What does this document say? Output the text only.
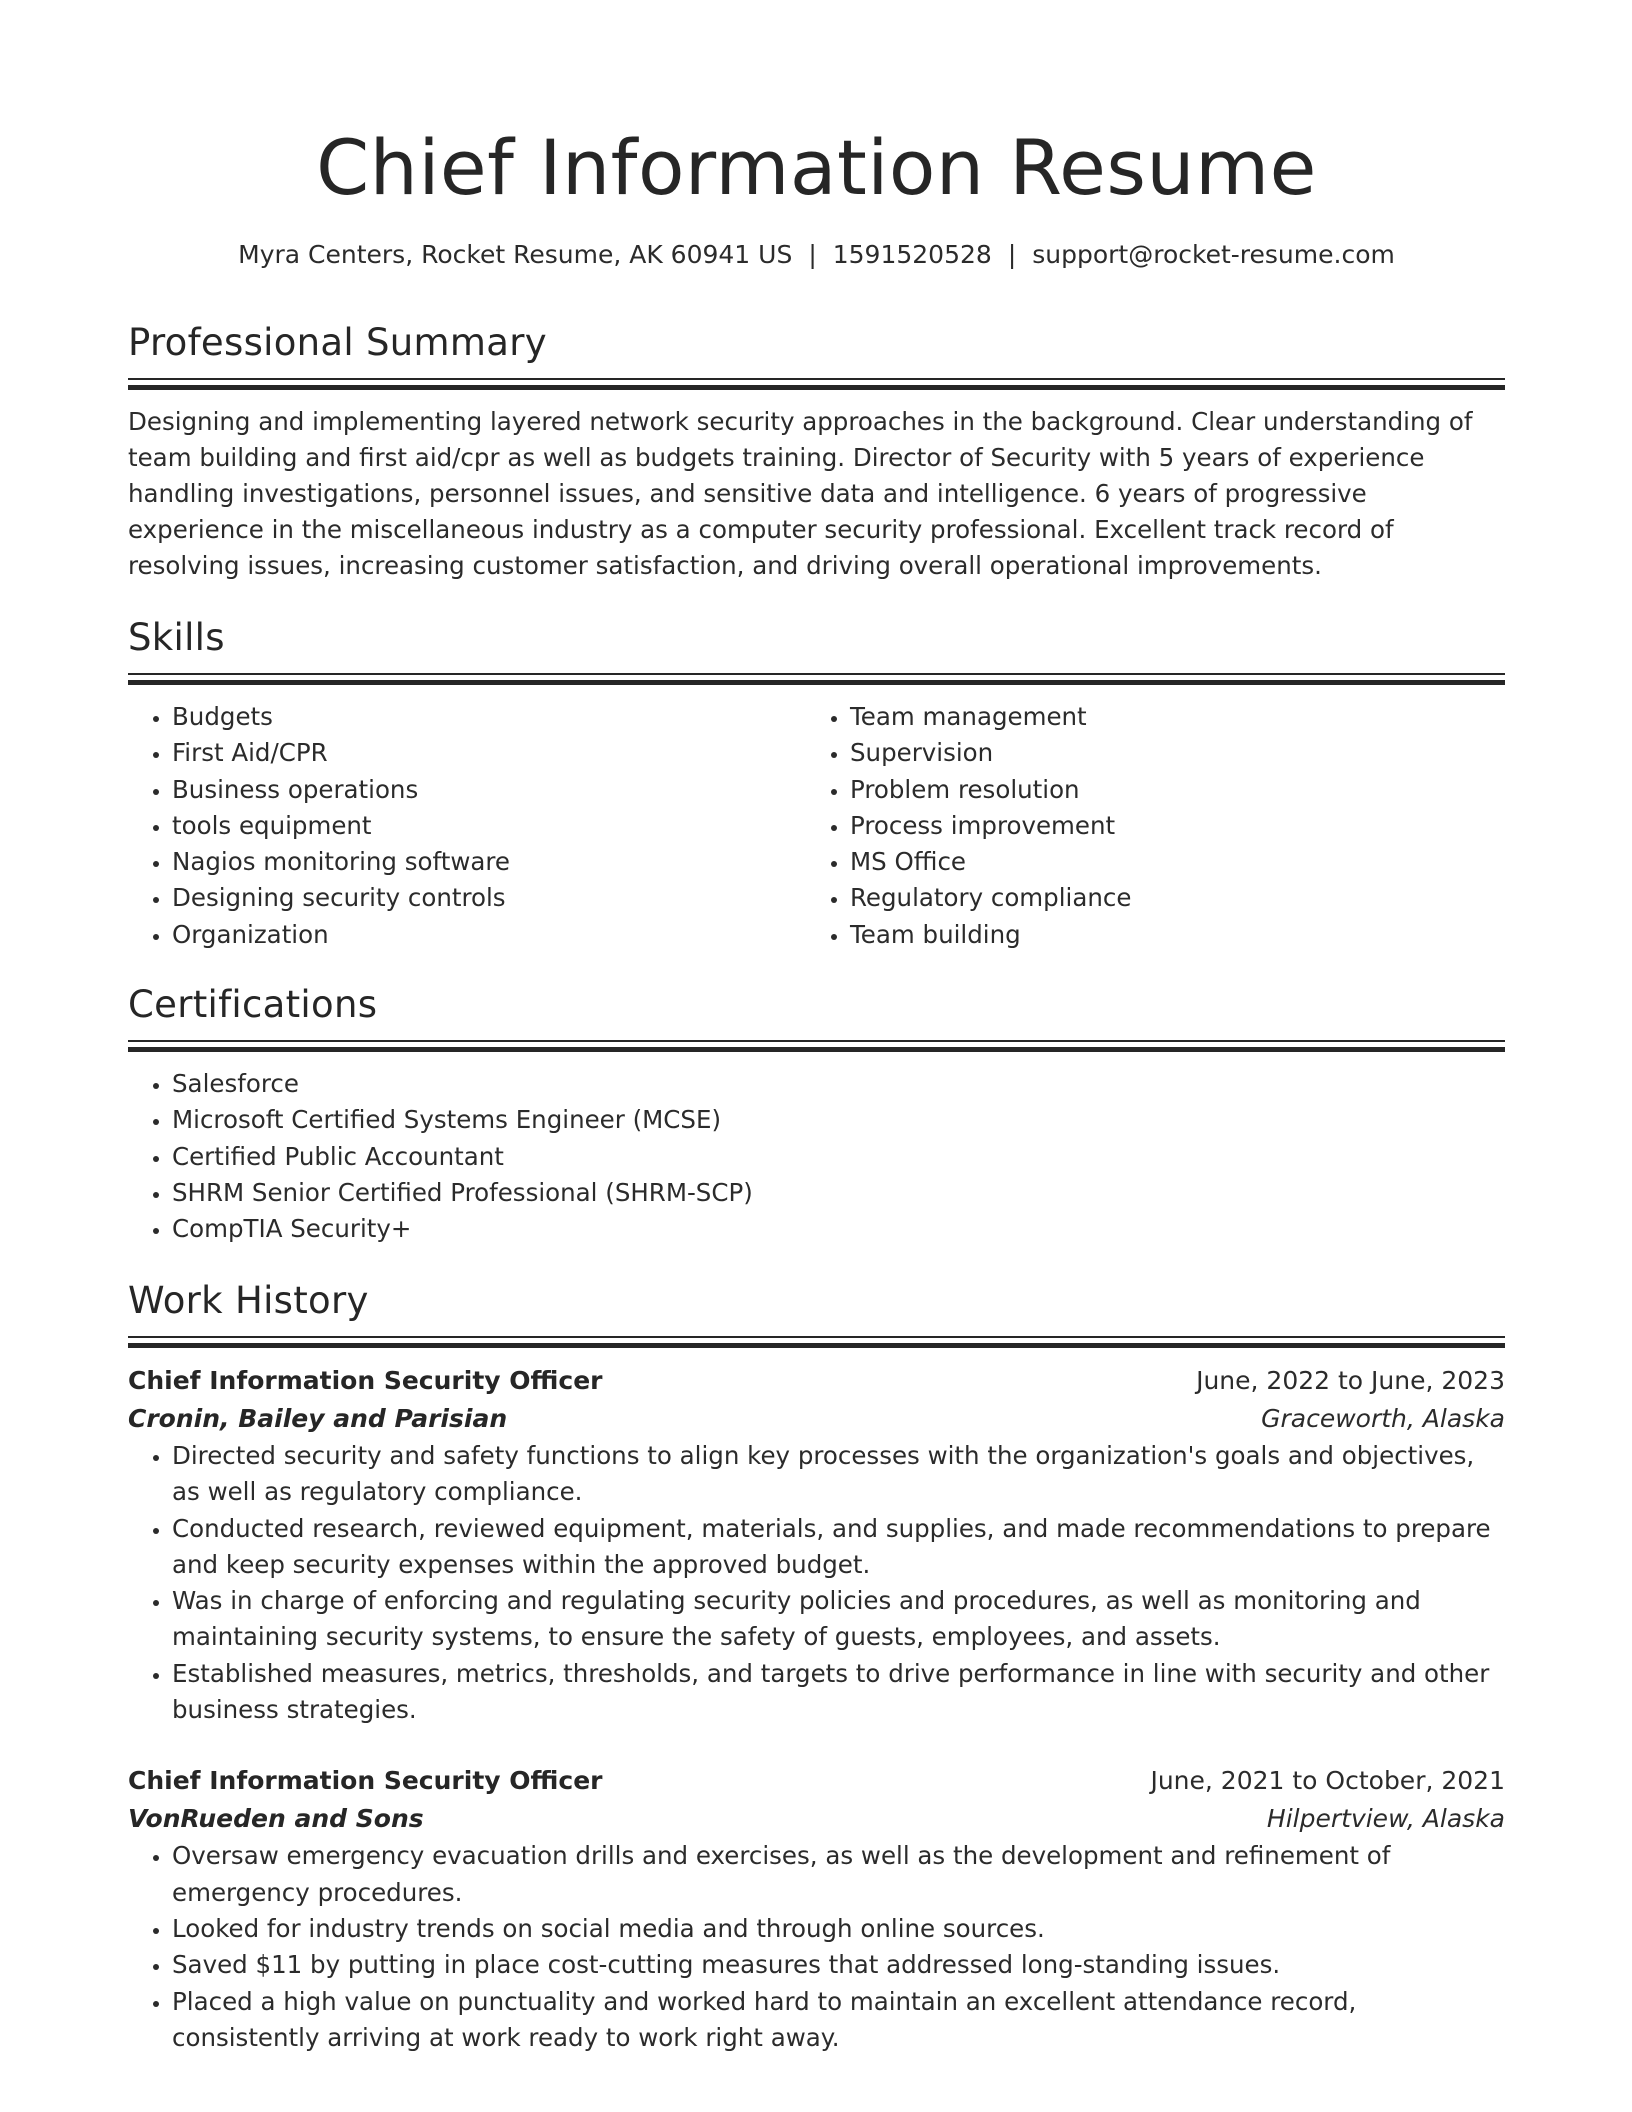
Chief Information Resume
Myra Centers, Rocket Resume, AK 60941 US | 1591520528 | support@rocket-resume.com
Professional Summary
Designing and implementing layered network security approaches in the background. Clear understanding of team building and first aid/cpr as well as budgets training. Director of Security with 5 years of experience handling investigations, personnel issues, and sensitive data and intelligence. 6 years of progressive experience in the miscellaneous industry as a computer security professional. Excellent track record of resolving issues, increasing customer satisfaction, and driving overall operational improvements.
Skills
• Budgets
• First Aid/CPR
• Business operations
• tools equipment
• Nagios monitoring software
• Designing security controls
• Organization
• Team management
• Supervision
• Problem resolution
• Process improvement
• MS Office
• Regulatory compliance
• Team building
Certifications
• Salesforce
• Microsoft Certified Systems Engineer (MCSE)
• Certified Public Accountant
• SHRM Senior Certified Professional (SHRM-SCP)
• CompTIA Security+
Work History
Chief Information Security Officer	June, 2022 to June, 2023
Cronin, Bailey and Parisian	Graceworth, Alaska
• Directed security and safety functions to align key processes with the organization's goals and objectives, as well as regulatory compliance.
• Conducted research, reviewed equipment, materials, and supplies, and made recommendations to prepare and keep security expenses within the approved budget.
• Was in charge of enforcing and regulating security policies and procedures, as well as monitoring and maintaining security systems, to ensure the safety of guests, employees, and assets.
• Established measures, metrics, thresholds, and targets to drive performance in line with security and other business strategies.
Chief Information Security Officer	June, 2021 to October, 2021
VonRueden and Sons	Hilpertview, Alaska
• Oversaw emergency evacuation drills and exercises, as well as the development and refinement of emergency procedures.
• Looked for industry trends on social media and through online sources.
• Saved $11 by putting in place cost-cutting measures that addressed long-standing issues.
• Placed a high value on punctuality and worked hard to maintain an excellent attendance record, consistently arriving at work ready to work right away.
